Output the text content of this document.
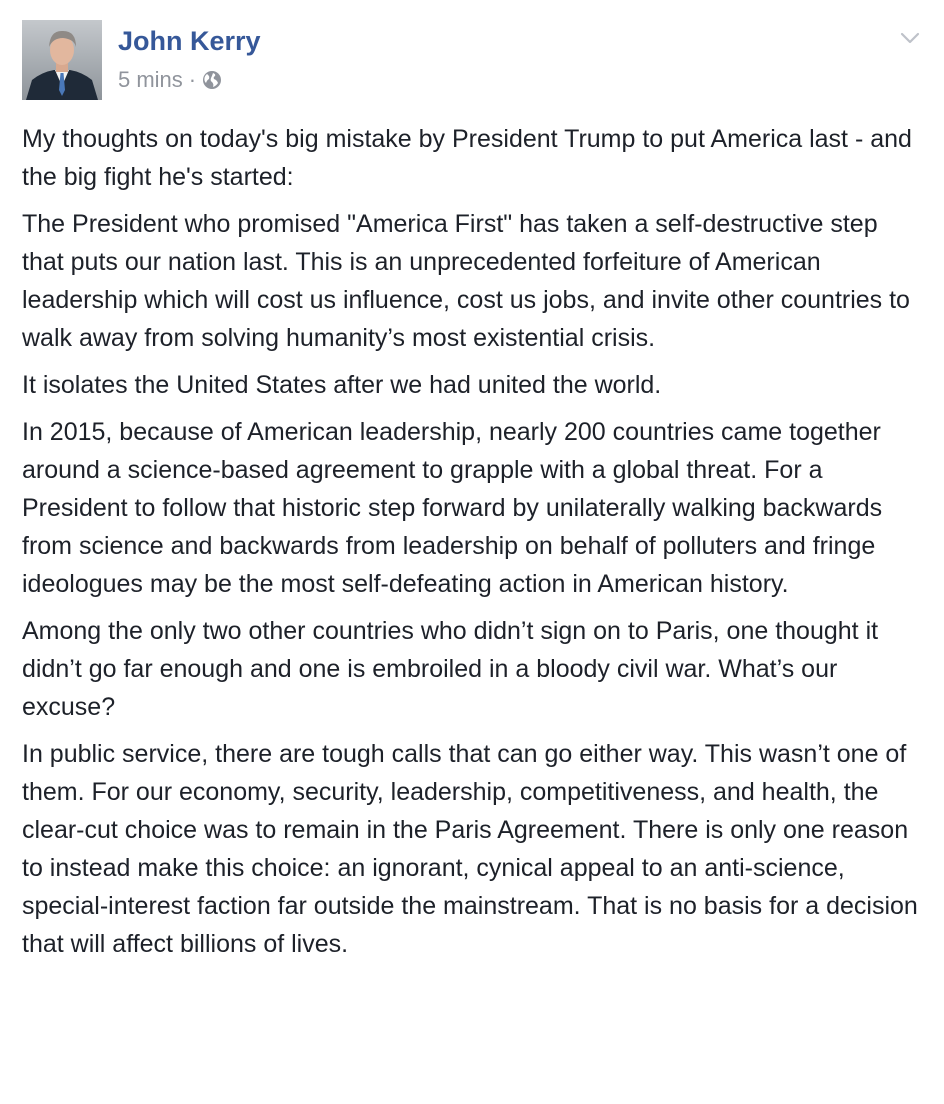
John Kerry
5 mins ·

My thoughts on today's big mistake by President Trump to put America last - and the big fight he's started:

The President who promised "America First" has taken a self-destructive step that puts our nation last. This is an unprecedented forfeiture of American leadership which will cost us influence, cost us jobs, and invite other countries to walk away from solving humanity’s most existential crisis.

It isolates the United States after we had united the world.

In 2015, because of American leadership, nearly 200 countries came together around a science-based agreement to grapple with a global threat. For a President to follow that historic step forward by unilaterally walking backwards from science and backwards from leadership on behalf of polluters and fringe ideologues may be the most self-defeating action in American history.

Among the only two other countries who didn’t sign on to Paris, one thought it didn’t go far enough and one is embroiled in a bloody civil war. What’s our excuse?

In public service, there are tough calls that can go either way. This wasn’t one of them. For our economy, security, leadership, competitiveness, and health, the clear-cut choice was to remain in the Paris Agreement. There is only one reason to instead make this choice: an ignorant, cynical appeal to an anti-science, special-interest faction far outside the mainstream. That is no basis for a decision that will affect billions of lives.
